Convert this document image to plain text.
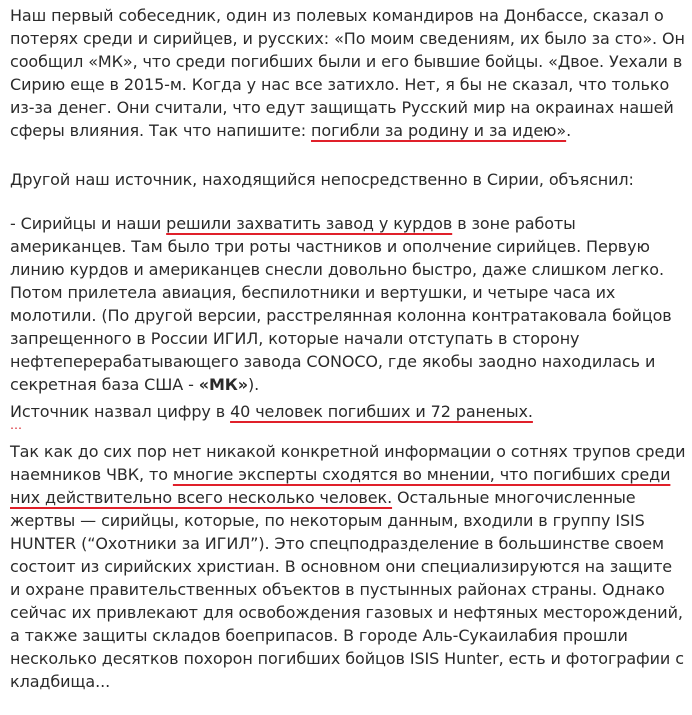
Наш первый собеседник, один из полевых командиров на Донбассе, сказал о потерях среди и сирийцев, и русских: «По моим сведениям, их было за сто». Он сообщил «МК», что среди погибших были и его бывшие бойцы. «Двое. Уехали в Сирию еще в 2015-м. Когда у нас все затихло. Нет, я бы не сказал, что только из-за денег. Они считали, что едут защищать Русский мир на окраинах нашей сферы влияния. Так что напишите: погибли за родину и за идею».

Другой наш источник, находящийся непосредственно в Сирии, объяснил:

- Сирийцы и наши решили захватить завод у курдов в зоне работы американцев. Там было три роты частников и ополчение сирийцев. Первую линию курдов и американцев снесли довольно быстро, даже слишком легко. Потом прилетела авиация, беспилотники и вертушки, и четыре часа их молотили. (По другой версии, расстрелянная колонна контратаковала бойцов запрещенного в России ИГИЛ, которые начали отступать в сторону нефтеперерабатывающего завода CONOCO, где якобы заодно находилась и секретная база США - «МК»).

Источник назвал цифру в 40 человек погибших и 72 раненых.

…

Так как до сих пор нет никакой конкретной информации о сотнях трупов среди наемников ЧВК, то многие эксперты сходятся во мнении, что погибших среди них действительно всего несколько человек. Остальные многочисленные жертвы — сирийцы, которые, по некоторым данным, входили в группу ISIS HUNTER (“Охотники за ИГИЛ”). Это спецподразделение в большинстве своем состоит из сирийских христиан. В основном они специализируются на защите и охране правительственных объектов в пустынных районах страны. Однако сейчас их привлекают для освобождения газовых и нефтяных месторождений, а также защиты складов боеприпасов. В городе Аль-Сукаилабия прошли несколько десятков похорон погибших бойцов ISIS Hunter, есть и фотографии с кладбища...
